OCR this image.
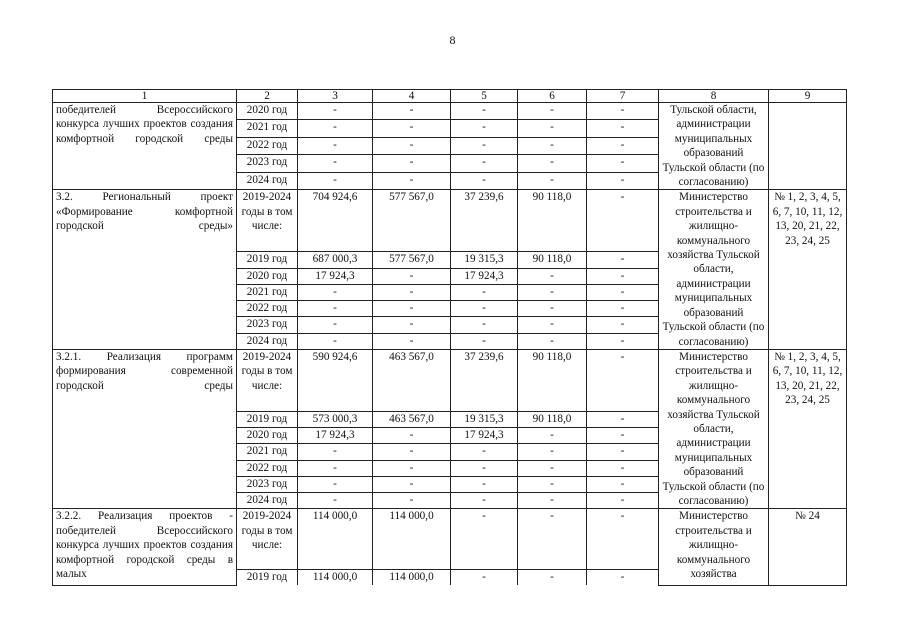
8
1	2	3	4	5	6	7	8	9
победителей Всероссийского конкурса лучших проектов создания комфортной городской среды	2020 год	-	-	-	-	-	Тульской области, администрации муниципальных образований Тульской области (по согласованию)	
	2021 год	-	-	-	-	-		
	2022 год	-	-	-	-	-		
	2023 год	-	-	-	-	-		
	2024 год	-	-	-	-	-		
3.2. Региональный проект «Формирование комфортной городской среды»	2019-2024 годы в том числе:	704 924,6	577 567,0	37 239,6	90 118,0	-	Министерство строительства и жилищно-коммунального хозяйства Тульской области, администрации муниципальных образований Тульской области (по согласованию)	№ 1, 2, 3, 4, 5, 6, 7, 10, 11, 12, 13, 20, 21, 22, 23, 24, 25
	2019 год	687 000,3	577 567,0	19 315,3	90 118,0	-		
	2020 год	17 924,3	-	17 924,3	-	-		
	2021 год	-	-	-	-	-		
	2022 год	-	-	-	-	-		
	2023 год	-	-	-	-	-		
	2024 год	-	-	-	-	-		
3.2.1. Реализация программ формирования современной городской среды	2019-2024 годы в том числе:	590 924,6	463 567,0	37 239,6	90 118,0	-	Министерство строительства и жилищно-коммунального хозяйства Тульской области, администрации муниципальных образований Тульской области (по согласованию)	№ 1, 2, 3, 4, 5, 6, 7, 10, 11, 12, 13, 20, 21, 22, 23, 24, 25
	2019 год	573 000,3	463 567,0	19 315,3	90 118,0	-		
	2020 год	17 924,3	-	17 924,3	-	-		
	2021 год	-	-	-	-	-		
	2022 год	-	-	-	-	-		
	2023 год	-	-	-	-	-		
	2024 год	-	-	-	-	-		
3.2.2. Реализация проектов - победителей Всероссийского конкурса лучших проектов создания комфортной городской среды в малых	2019-2024 годы в том числе:	114 000,0	114 000,0	-	-	-	Министерство строительства и жилищно-коммунального хозяйства	№ 24
	2019 год	114 000,0	114 000,0	-	-	-		
